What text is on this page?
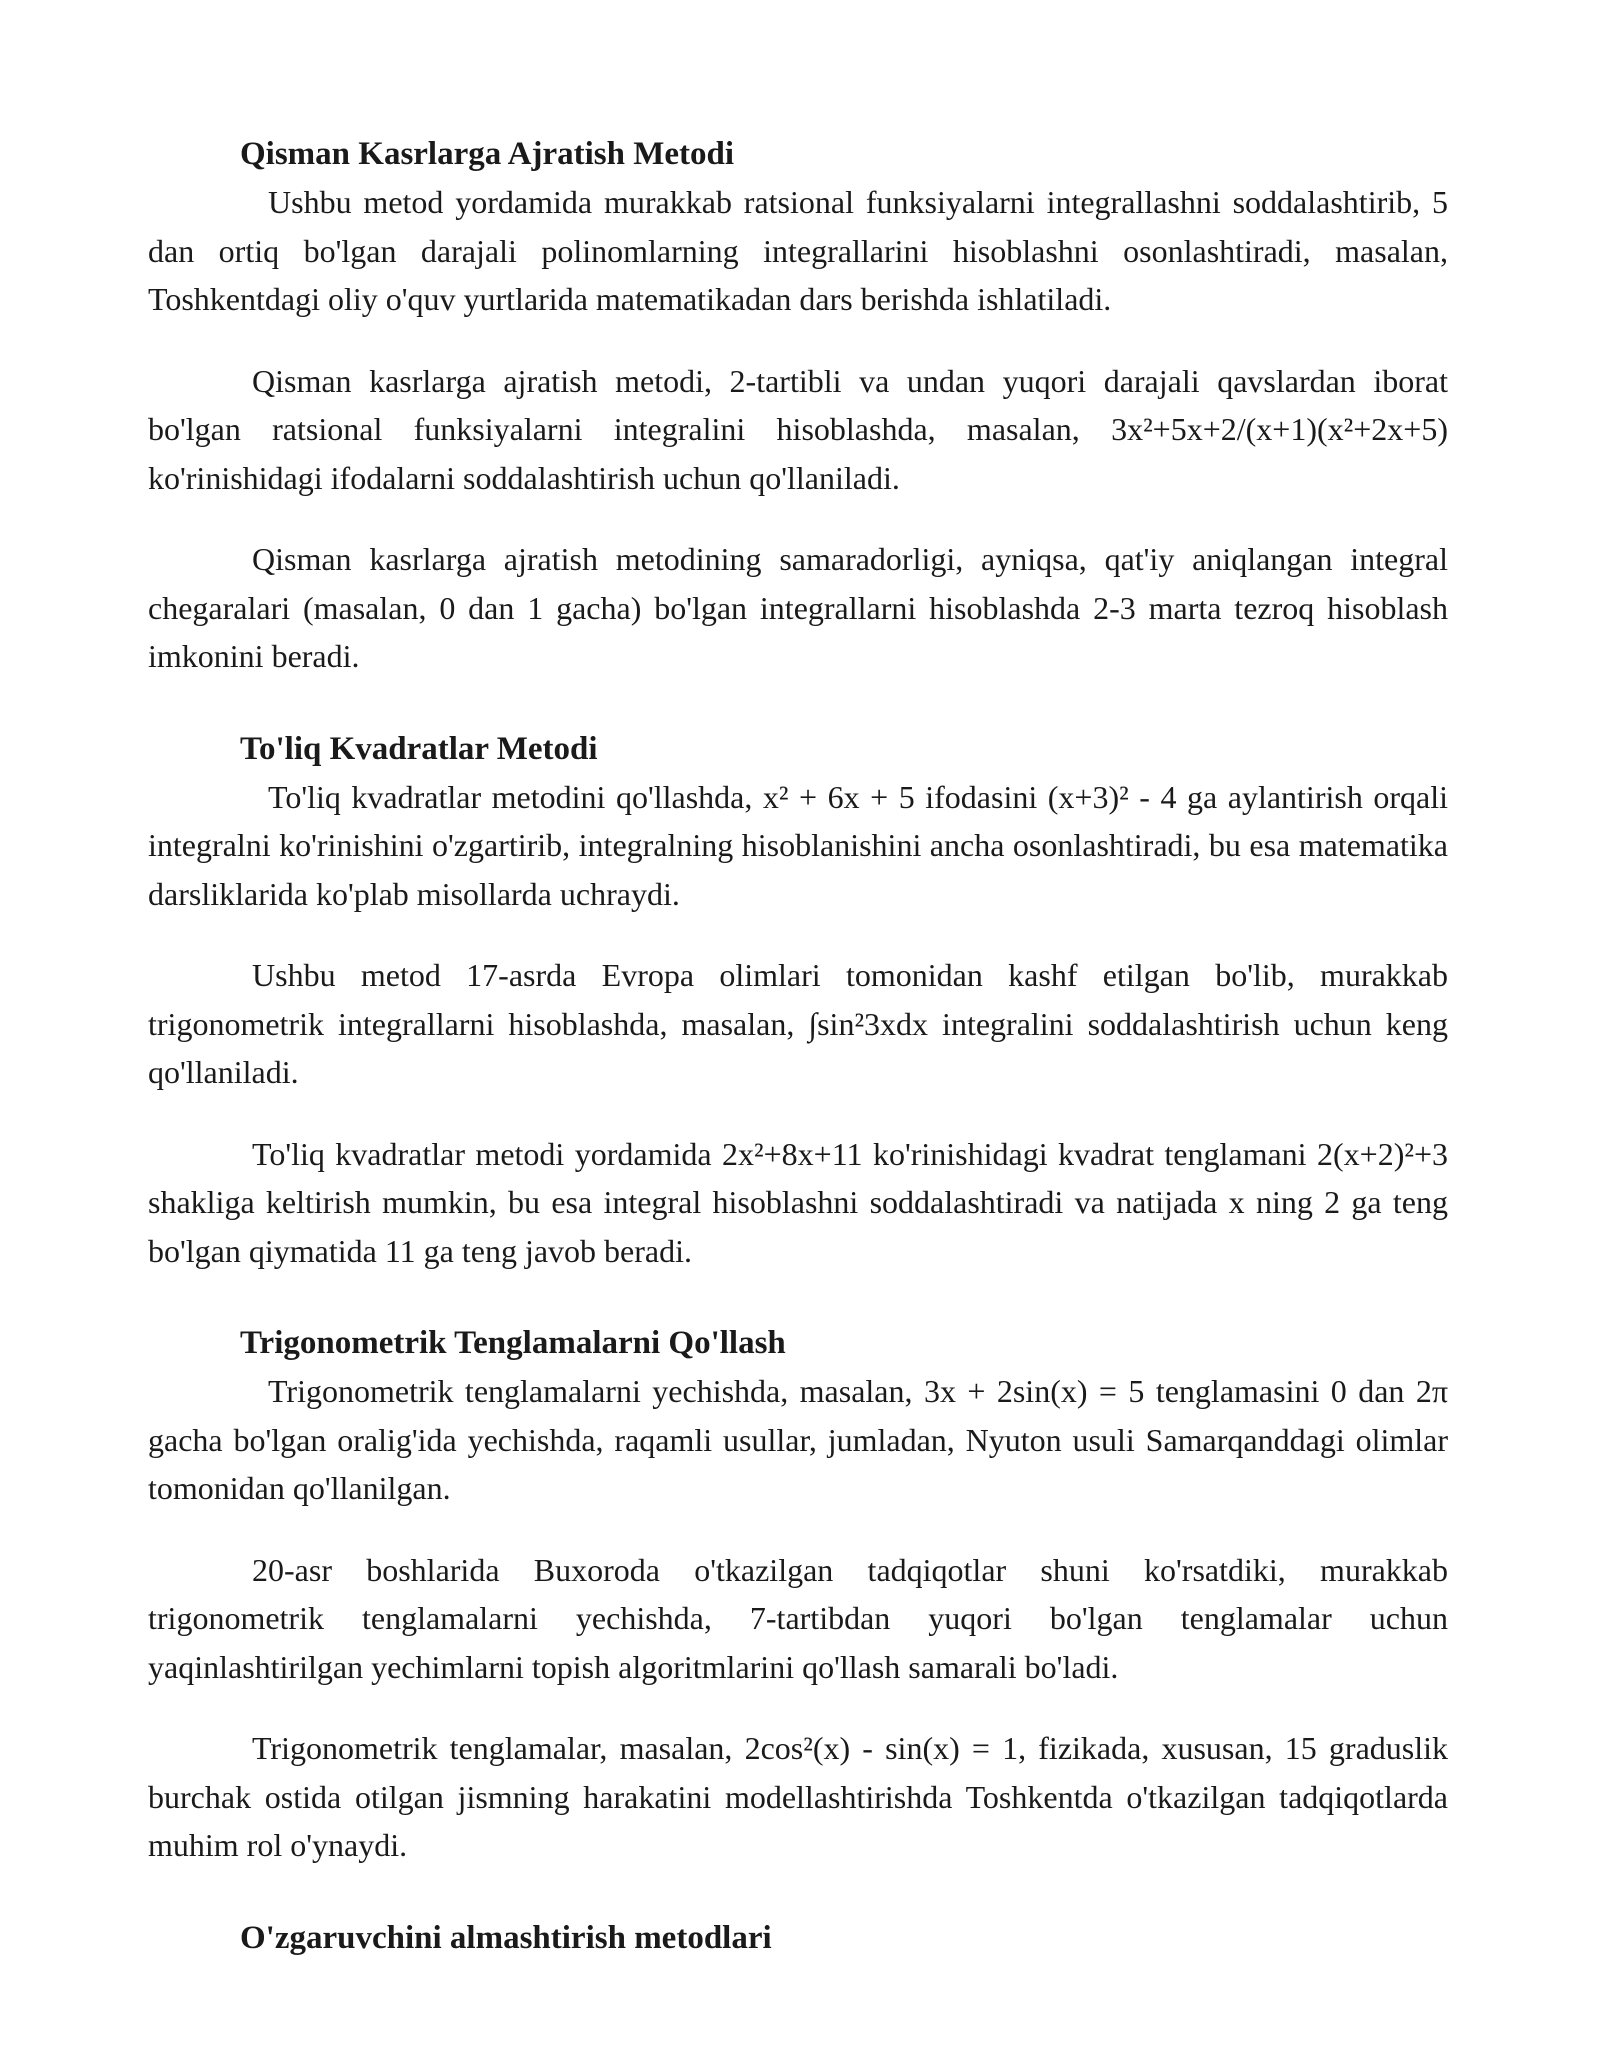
Qisman Kasrlarga Ajratish Metodi

Ushbu metod yordamida murakkab ratsional funksiyalarni integrallashni soddalashtirib, 5 dan ortiq bo'lgan darajali polinomlarning integrallarini hisoblashni osonlashtiradi, masalan, Toshkentdagi oliy o'quv yurtlarida matematikadan dars berishda ishlatiladi.

Qisman kasrlarga ajratish metodi, 2-tartibli va undan yuqori darajali qavslardan iborat bo'lgan ratsional funksiyalarni integralini hisoblashda, masalan, 3x²+5x+2/(x+1)(x²+2x+5) ko'rinishidagi ifodalarni soddalashtirish uchun qo'llaniladi.

Qisman kasrlarga ajratish metodining samaradorligi, ayniqsa, qat'iy aniqlangan integral chegaralari (masalan, 0 dan 1 gacha) bo'lgan integrallarni hisoblashda 2-3 marta tezroq hisoblash imkonini beradi.

To'liq Kvadratlar Metodi

To'liq kvadratlar metodini qo'llashda, x² + 6x + 5 ifodasini (x+3)² - 4 ga aylantirish orqali integralni ko'rinishini o'zgartirib, integralning hisoblanishini ancha osonlashtiradi, bu esa matematika darsliklarida ko'plab misollarda uchraydi.

Ushbu metod 17-asrda Evropa olimlari tomonidan kashf etilgan bo'lib, murakkab trigonometrik integrallarni hisoblashda, masalan, ∫sin²3xdx integralini soddalashtirish uchun keng qo'llaniladi.

To'liq kvadratlar metodi yordamida 2x²+8x+11 ko'rinishidagi kvadrat tenglamani 2(x+2)²+3 shakliga keltirish mumkin, bu esa integral hisoblashni soddalashtiradi va natijada x ning 2 ga teng bo'lgan qiymatida 11 ga teng javob beradi.

Trigonometrik Tenglamalarni Qo'llash

Trigonometrik tenglamalarni yechishda, masalan, 3x + 2sin(x) = 5 tenglamasini 0 dan 2π gacha bo'lgan oralig'ida yechishda, raqamli usullar, jumladan, Nyuton usuli Samarqanddagi olimlar tomonidan qo'llanilgan.

20-asr boshlarida Buxoroda o'tkazilgan tadqiqotlar shuni ko'rsatdiki, murakkab trigonometrik tenglamalarni yechishda, 7-tartibdan yuqori bo'lgan tenglamalar uchun yaqinlashtirilgan yechimlarni topish algoritmlarini qo'llash samarali bo'ladi.

Trigonometrik tenglamalar, masalan, 2cos²(x) - sin(x) = 1, fizikada, xususan, 15 graduslik burchak ostida otilgan jismning harakatini modellashtirishda Toshkentda o'tkazilgan tadqiqotlarda muhim rol o'ynaydi.

O'zgaruvchini almashtirish metodlari
